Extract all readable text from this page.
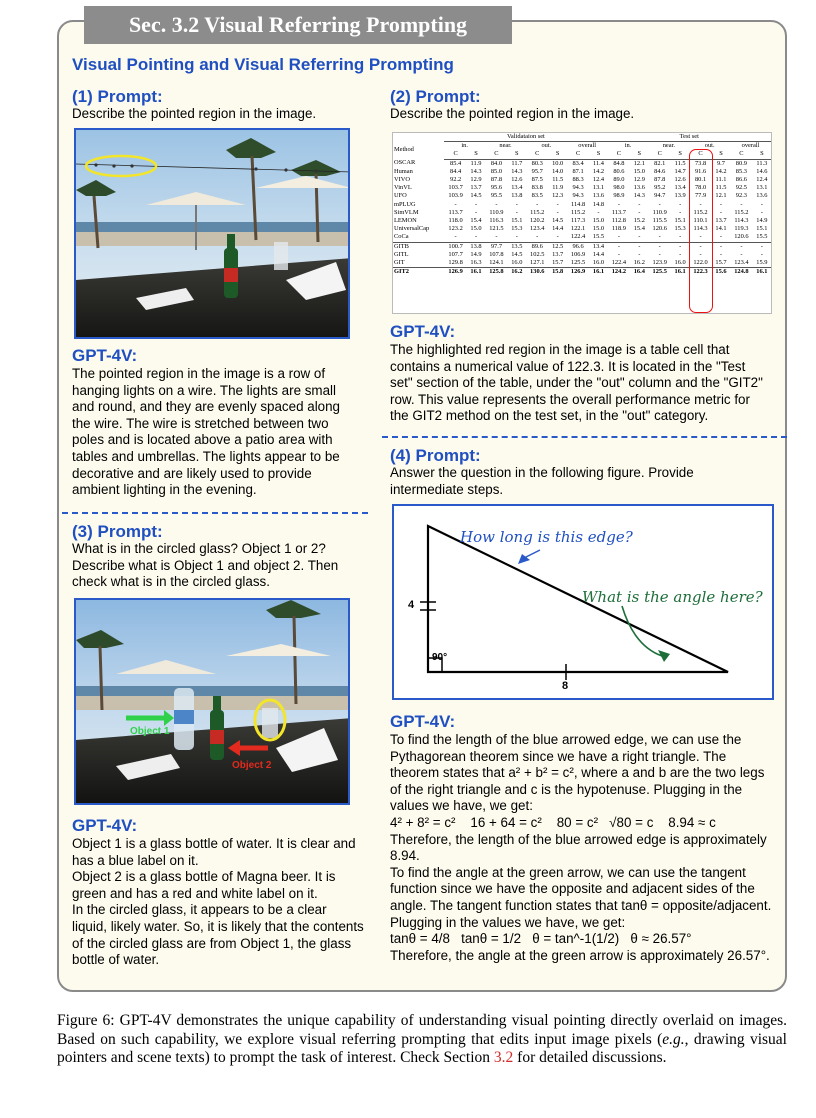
Sec. 3.2 Visual Referring Prompting
Visual Pointing and Visual Referring Prompting
(1) Prompt:
Describe the pointed region in the image.
GPT-4V:
The pointed region in the image is a row of hanging lights on a wire. The lights are small and round, and they are evenly spaced along the wire. The wire is stretched between two poles and is located above a patio area with tables and umbrellas. The lights appear to be decorative and are likely used to provide ambient lighting in the evening.
(3) Prompt:
What is in the circled glass? Object 1 or 2? Describe what is Object 1 and object 2. Then check what is in the circled glass.
Object 1
Object 2
GPT-4V:
Object 1 is a glass bottle of water. It is clear and has a blue label on it.
Object 2 is a glass bottle of Magna beer. It is green and has a red and white label on it.
In the circled glass, it appears to be a clear liquid, likely water. So, it is likely that the contents of the circled glass are from Object 1, the glass bottle of water.
(2) Prompt:
Describe the pointed region in the image.
	Validataion set								Test set							
Method	in.		near.		out.		overall		in.		near.		out.		overall	
	C	S	C	S	C	S	C	S	C	S	C	S	C	S	C	S
OSCAR	85.4	11.9	84.0	11.7	80.3	10.0	83.4	11.4	84.8	12.1	82.1	11.5	73.8	9.7	80.9	11.3
Human	84.4	14.3	85.0	14.3	95.7	14.0	87.1	14.2	80.6	15.0	84.6	14.7	91.6	14.2	85.3	14.6
VIVO	92.2	12.9	87.8	12.6	87.5	11.5	88.3	12.4	89.0	12.9	87.8	12.6	80.1	11.1	86.6	12.4
VinVL	103.7	13.7	95.6	13.4	83.8	11.9	94.3	13.1	98.0	13.6	95.2	13.4	78.0	11.5	92.5	13.1
UFO	103.9	14.5	95.5	13.8	83.5	12.3	94.3	13.6	98.9	14.3	94.7	13.9	77.9	12.1	92.3	13.6
mPLUG	-	-	-	-	-	-	114.8	14.8	-	-	-	-	-	-	-	-
SimVLM	113.7	-	110.9	-	115.2	-	115.2	-	113.7	-	110.9	-	115.2	-	115.2	-
LEMON	118.0	15.4	116.3	15.1	120.2	14.5	117.3	15.0	112.8	15.2	115.5	15.1	110.1	13.7	114.3	14.9
UniversalCap	123.2	15.0	121.5	15.3	123.4	14.4	122.1	15.0	118.9	15.4	120.6	15.3	114.3	14.1	119.3	15.1
CoCa	-	-	-	-	-	-	122.4	15.5	-	-	-	-	-	-	120.6	15.5
GITB	100.7	13.8	97.7	13.5	89.6	12.5	96.6	13.4	-	-	-	-	-	-	-	-
GITL	107.7	14.9	107.8	14.5	102.5	13.7	106.9	14.4	-	-	-	-	-	-	-	-
GIT	129.8	16.3	124.1	16.0	127.1	15.7	125.5	16.0	122.4	16.2	123.9	16.0	122.0	15.7	123.4	15.9
GIT2	126.9	16.1	125.8	16.2	130.6	15.8	126.9	16.1	124.2	16.4	125.5	16.1	122.3	15.6	124.8	16.1
GPT-4V:
The highlighted red region in the image is a table cell that contains a numerical value of 122.3. It is located in the "Test set" section of the table, under the "out" column and the "GIT2" row. This value represents the overall performance metric for the GIT2 method on the test set, in the "out" category.
(4) Prompt:
Answer the question in the following figure. Provide intermediate steps.
How long is this edge?
What is the angle here?
4
8
90°
GPT-4V:
To find the length of the blue arrowed edge, we can use the Pythagorean theorem since we have a right triangle. The theorem states that a² + b² = c², where a and b are the two legs of the right triangle and c is the hypotenuse. Plugging in the values we have, we get:
4² + 8² = c²    16 + 64 = c²    80 = c²   √80 = c    8.94 ≈ c
Therefore, the length of the blue arrowed edge is approximately 8.94.
To find the angle at the green arrow, we can use the tangent function since we have the opposite and adjacent sides of the angle. The tangent function states that tanθ = opposite/adjacent. Plugging in the values we have, we get:
tanθ = 4/8   tanθ = 1/2   θ = tan^-1(1/2)   θ ≈ 26.57°
Therefore, the angle at the green arrow is approximately 26.57°.
Figure 6: GPT-4V demonstrates the unique capability of understanding visual pointing directly overlaid on images. Based on such capability, we explore visual referring prompting that edits input image pixels (e.g., drawing visual pointers and scene texts) to prompt the task of interest. Check Section 3.2 for detailed discussions.
